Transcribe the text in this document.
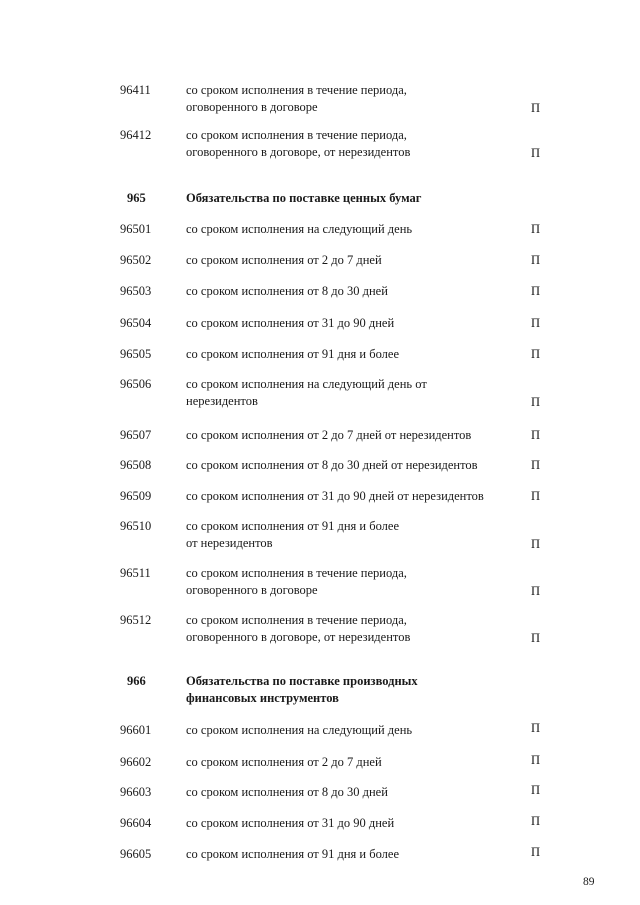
96411	со сроком исполнения в течение периода,
оговоренного в договоре	П
96412	со сроком исполнения в течение периода,
оговоренного в договоре, от нерезидентов	П
965	Обязательства по поставке ценных бумаг
96501	со сроком исполнения на следующий день	П
96502	со сроком исполнения от 2 до 7 дней	П
96503	со сроком исполнения от 8 до 30 дней	П
96504	со сроком исполнения от 31 до 90 дней	П
96505	со сроком исполнения от 91 дня и более	П
96506	со сроком исполнения на следующий день от
нерезидентов	П
96507	со сроком исполнения от 2 до 7 дней от нерезидентов	П
96508	со сроком исполнения от 8 до 30 дней от нерезидентов	П
96509	со сроком исполнения от 31 до 90 дней от нерезидентов	П
96510	со сроком исполнения от 91 дня и более
от нерезидентов	П
96511	со сроком исполнения в течение периода,
оговоренного в договоре	П
96512	со сроком исполнения в течение периода,
оговоренного в договоре, от нерезидентов	П
966	Обязательства по поставке производных
финансовых инструментов
96601	со сроком исполнения на следующий день	П
96602	со сроком исполнения от 2 до 7 дней	П
96603	со сроком исполнения от 8 до 30 дней	П
96604	со сроком исполнения от 31 до 90 дней	П
96605	со сроком исполнения от 91 дня и более	П
89
